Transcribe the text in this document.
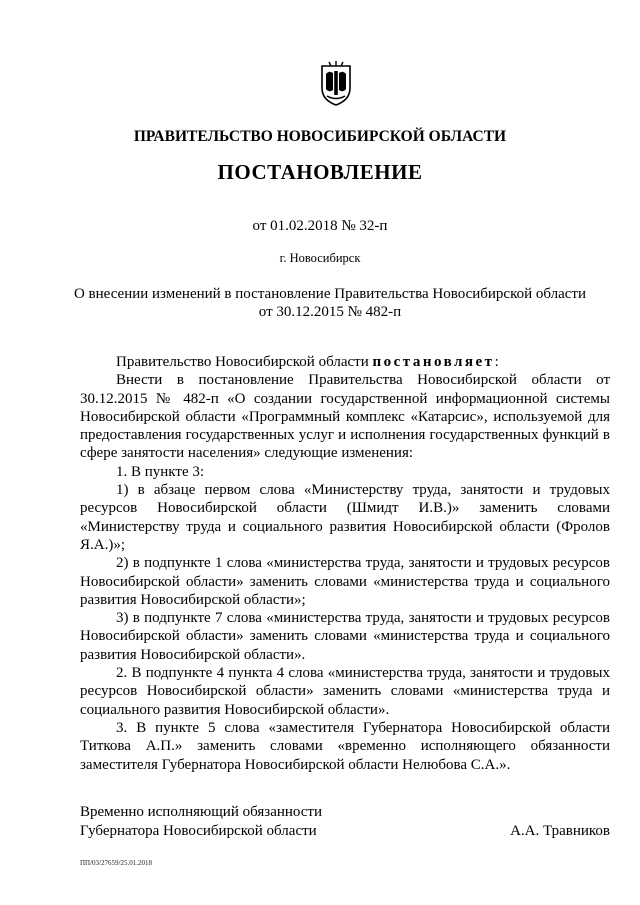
ПРАВИТЕЛЬСТВО НОВОСИБИРСКОЙ ОБЛАСТИ
ПОСТАНОВЛЕНИЕ
от 01.02.2018 № 32-п
г. Новосибирск
О внесении изменений в постановление Правительства Новосибирской области
от 30.12.2015 № 482-п

Правительство Новосибирской области постановляет:

Внести в постановление Правительства Новосибирской области от 30.12.2015 № 482-п «О создании государственной информационной системы Новосибирской области «Программный комплекс «Катарсис», используемой для предоставления государственных услуг и исполнения государственных функций в сфере занятости населения» следующие изменения:

1. В пункте 3:

1) в абзаце первом слова «Министерству труда, занятости и трудовых ресурсов Новосибирской области (Шмидт И.В.)» заменить словами «Министерству труда и социального развития Новосибирской области (Фролов Я.А.)»;

2) в подпункте 1 слова «министерства труда, занятости и трудовых ресурсов Новосибирской области» заменить словами «министерства труда и социального развития Новосибирской области»;

3) в подпункте 7 слова «министерства труда, занятости и трудовых ресурсов Новосибирской области» заменить словами «министерства труда и социального развития Новосибирской области».

2. В подпункте 4 пункта 4 слова «министерства труда, занятости и трудовых ресурсов Новосибирской области» заменить словами «министерства труда и социального развития Новосибирской области».

3. В пункте 5 слова «заместителя Губернатора Новосибирской области Титкова А.П.» заменить словами «временно исполняющего обязанности заместителя Губернатора Новосибирской области Нелюбова С.А.».

Временно исполняющий обязанности
Губернатора Новосибирской области	А.А. Травников
ПП/03/27659/25.01.2018
